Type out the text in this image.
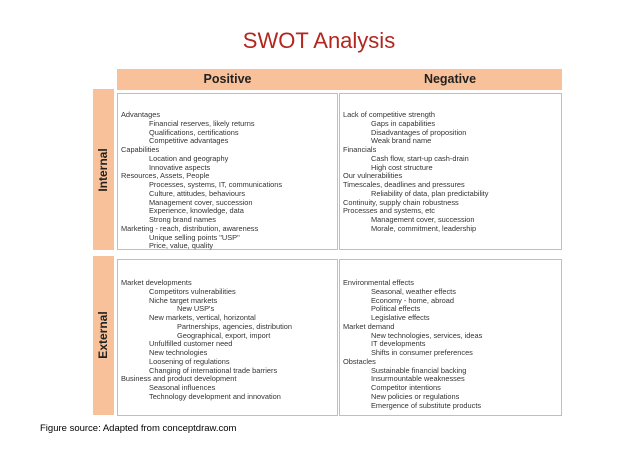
SWOT Analysis
Positive	Negative
Internal
External
Advantages
Financial reserves, likely returns
Qualifications, certifications
Competitive advantages
Capabilities
Location and geography
Innovative aspects
Resources, Assets, People
Processes, systems, IT, communications
Culture, attitudes, behaviours
Management cover, succession
Experience, knowledge, data
Strong brand names
Marketing - reach, distribution, awareness
Unique selling points "USP"
Price, value, quality
Lack of competitive strength
Gaps in capabilities
Disadvantages of proposition
Weak brand name
Financials
Cash flow, start-up cash-drain
High cost structure
Our vulnerabilities
Timescales, deadlines and pressures
Reliability of data, plan predictability
Continuity, supply chain robustness
Processes and systems, etc
Management cover, succession
Morale, commitment, leadership
Market developments
Competitors vulnerabilities
Niche target markets
New USP's
New markets, vertical, horizontal
Partnerships, agencies, distribution
Geographical, export, import
Unfulfilled customer need
New technologies
Loosening of regulations
Changing of international trade barriers
Business and product development
Seasonal influences
Technology development and innovation
Environmental effects
Seasonal, weather effects
Economy - home, abroad
Political effects
Legislative effects
Market demand
New technologies, services, ideas
IT developments
Shifts in consumer preferences
Obstacles
Sustainable financial backing
Insurmountable weaknesses
Competitor intentions
New policies or regulations
Emergence of substitute products
Figure source: Adapted from conceptdraw.com
